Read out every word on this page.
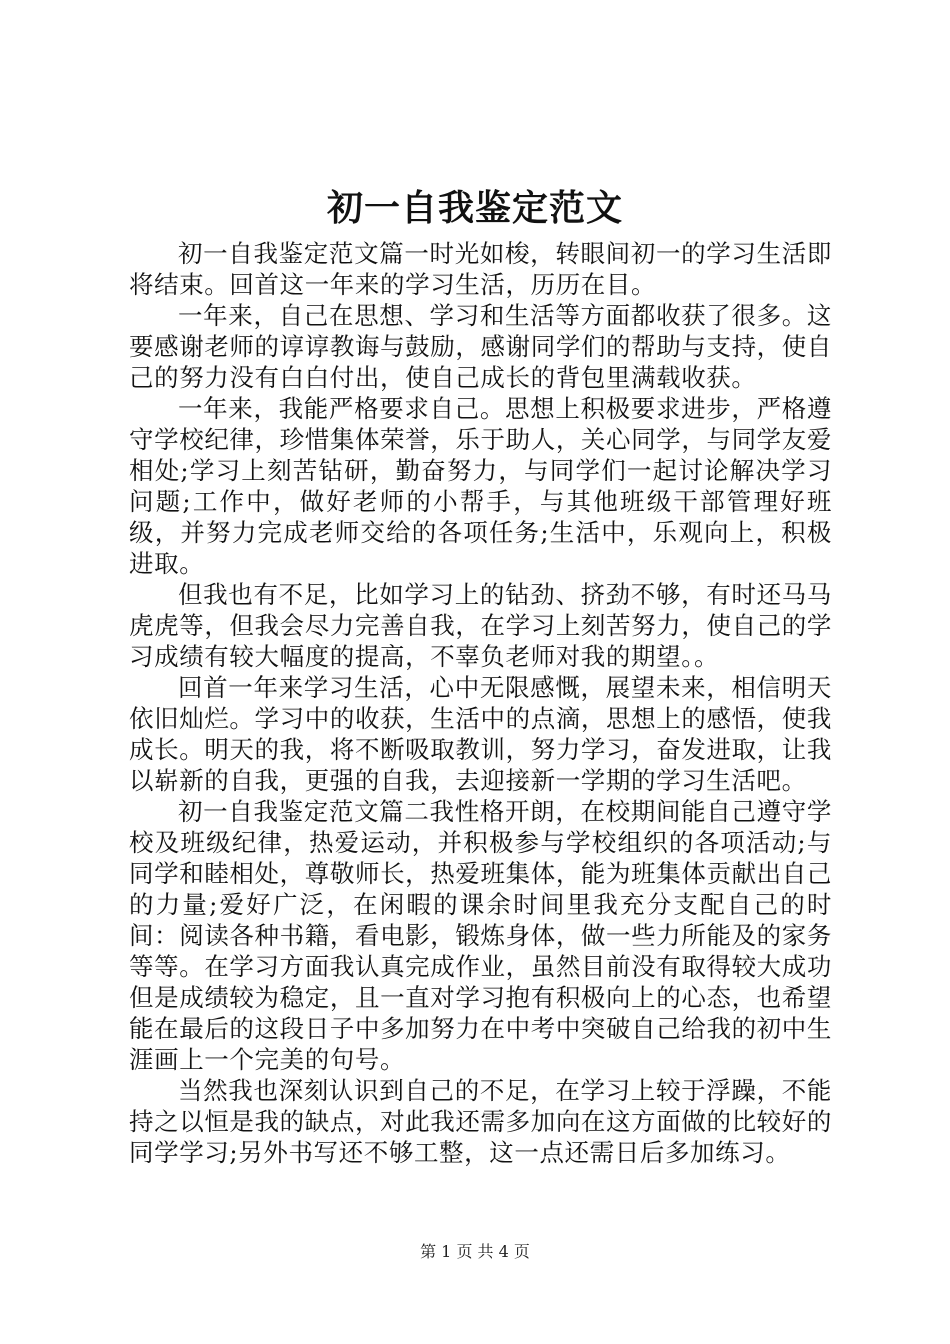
初一自我鉴定范文

初一自我鉴定范文篇一时光如梭，转眼间初一的学习生活即将结束。回首这一年来的学习生活，历历在目。

一年来，自己在思想、学习和生活等方面都收获了很多。这要感谢老师的谆谆教诲与鼓励，感谢同学们的帮助与支持，使自己的努力没有白白付出，使自己成长的背包里满载收获。

一年来，我能严格要求自己。思想上积极要求进步，严格遵守学校纪律，珍惜集体荣誉，乐于助人，关心同学，与同学友爱相处;学习上刻苦钻研，勤奋努力，与同学们一起讨论解决学习问题;工作中，做好老师的小帮手，与其他班级干部管理好班级，并努力完成老师交给的各项任务;生活中，乐观向上，积极进取。

但我也有不足，比如学习上的钻劲、挤劲不够，有时还马马虎虎等，但我会尽力完善自我，在学习上刻苦努力，使自己的学习成绩有较大幅度的提高，不辜负老师对我的期望。。

回首一年来学习生活，心中无限感慨，展望未来，相信明天依旧灿烂。学习中的收获，生活中的点滴，思想上的感悟，使我成长。明天的我，将不断吸取教训，努力学习，奋发进取，让我以崭新的自我，更强的自我，去迎接新一学期的学习生活吧。

初一自我鉴定范文篇二我性格开朗，在校期间能自己遵守学校及班级纪律，热爱运动，并积极参与学校组织的各项活动;与同学和睦相处，尊敬师长，热爱班集体，能为班集体贡献出自己的力量;爱好广泛，在闲暇的课余时间里我充分支配自己的时间：阅读各种书籍，看电影，锻炼身体，做一些力所能及的家务等等。在学习方面我认真完成作业，虽然目前没有取得较大成功但是成绩较为稳定，且一直对学习抱有积极向上的心态，也希望能在最后的这段日子中多加努力在中考中突破自己给我的初中生涯画上一个完美的句号。

当然我也深刻认识到自己的不足，在学习上较于浮躁，不能持之以恒是我的缺点，对此我还需多加向在这方面做的比较好的同学学习;另外书写还不够工整，这一点还需日后多加练习。

第 1 页 共 4 页
